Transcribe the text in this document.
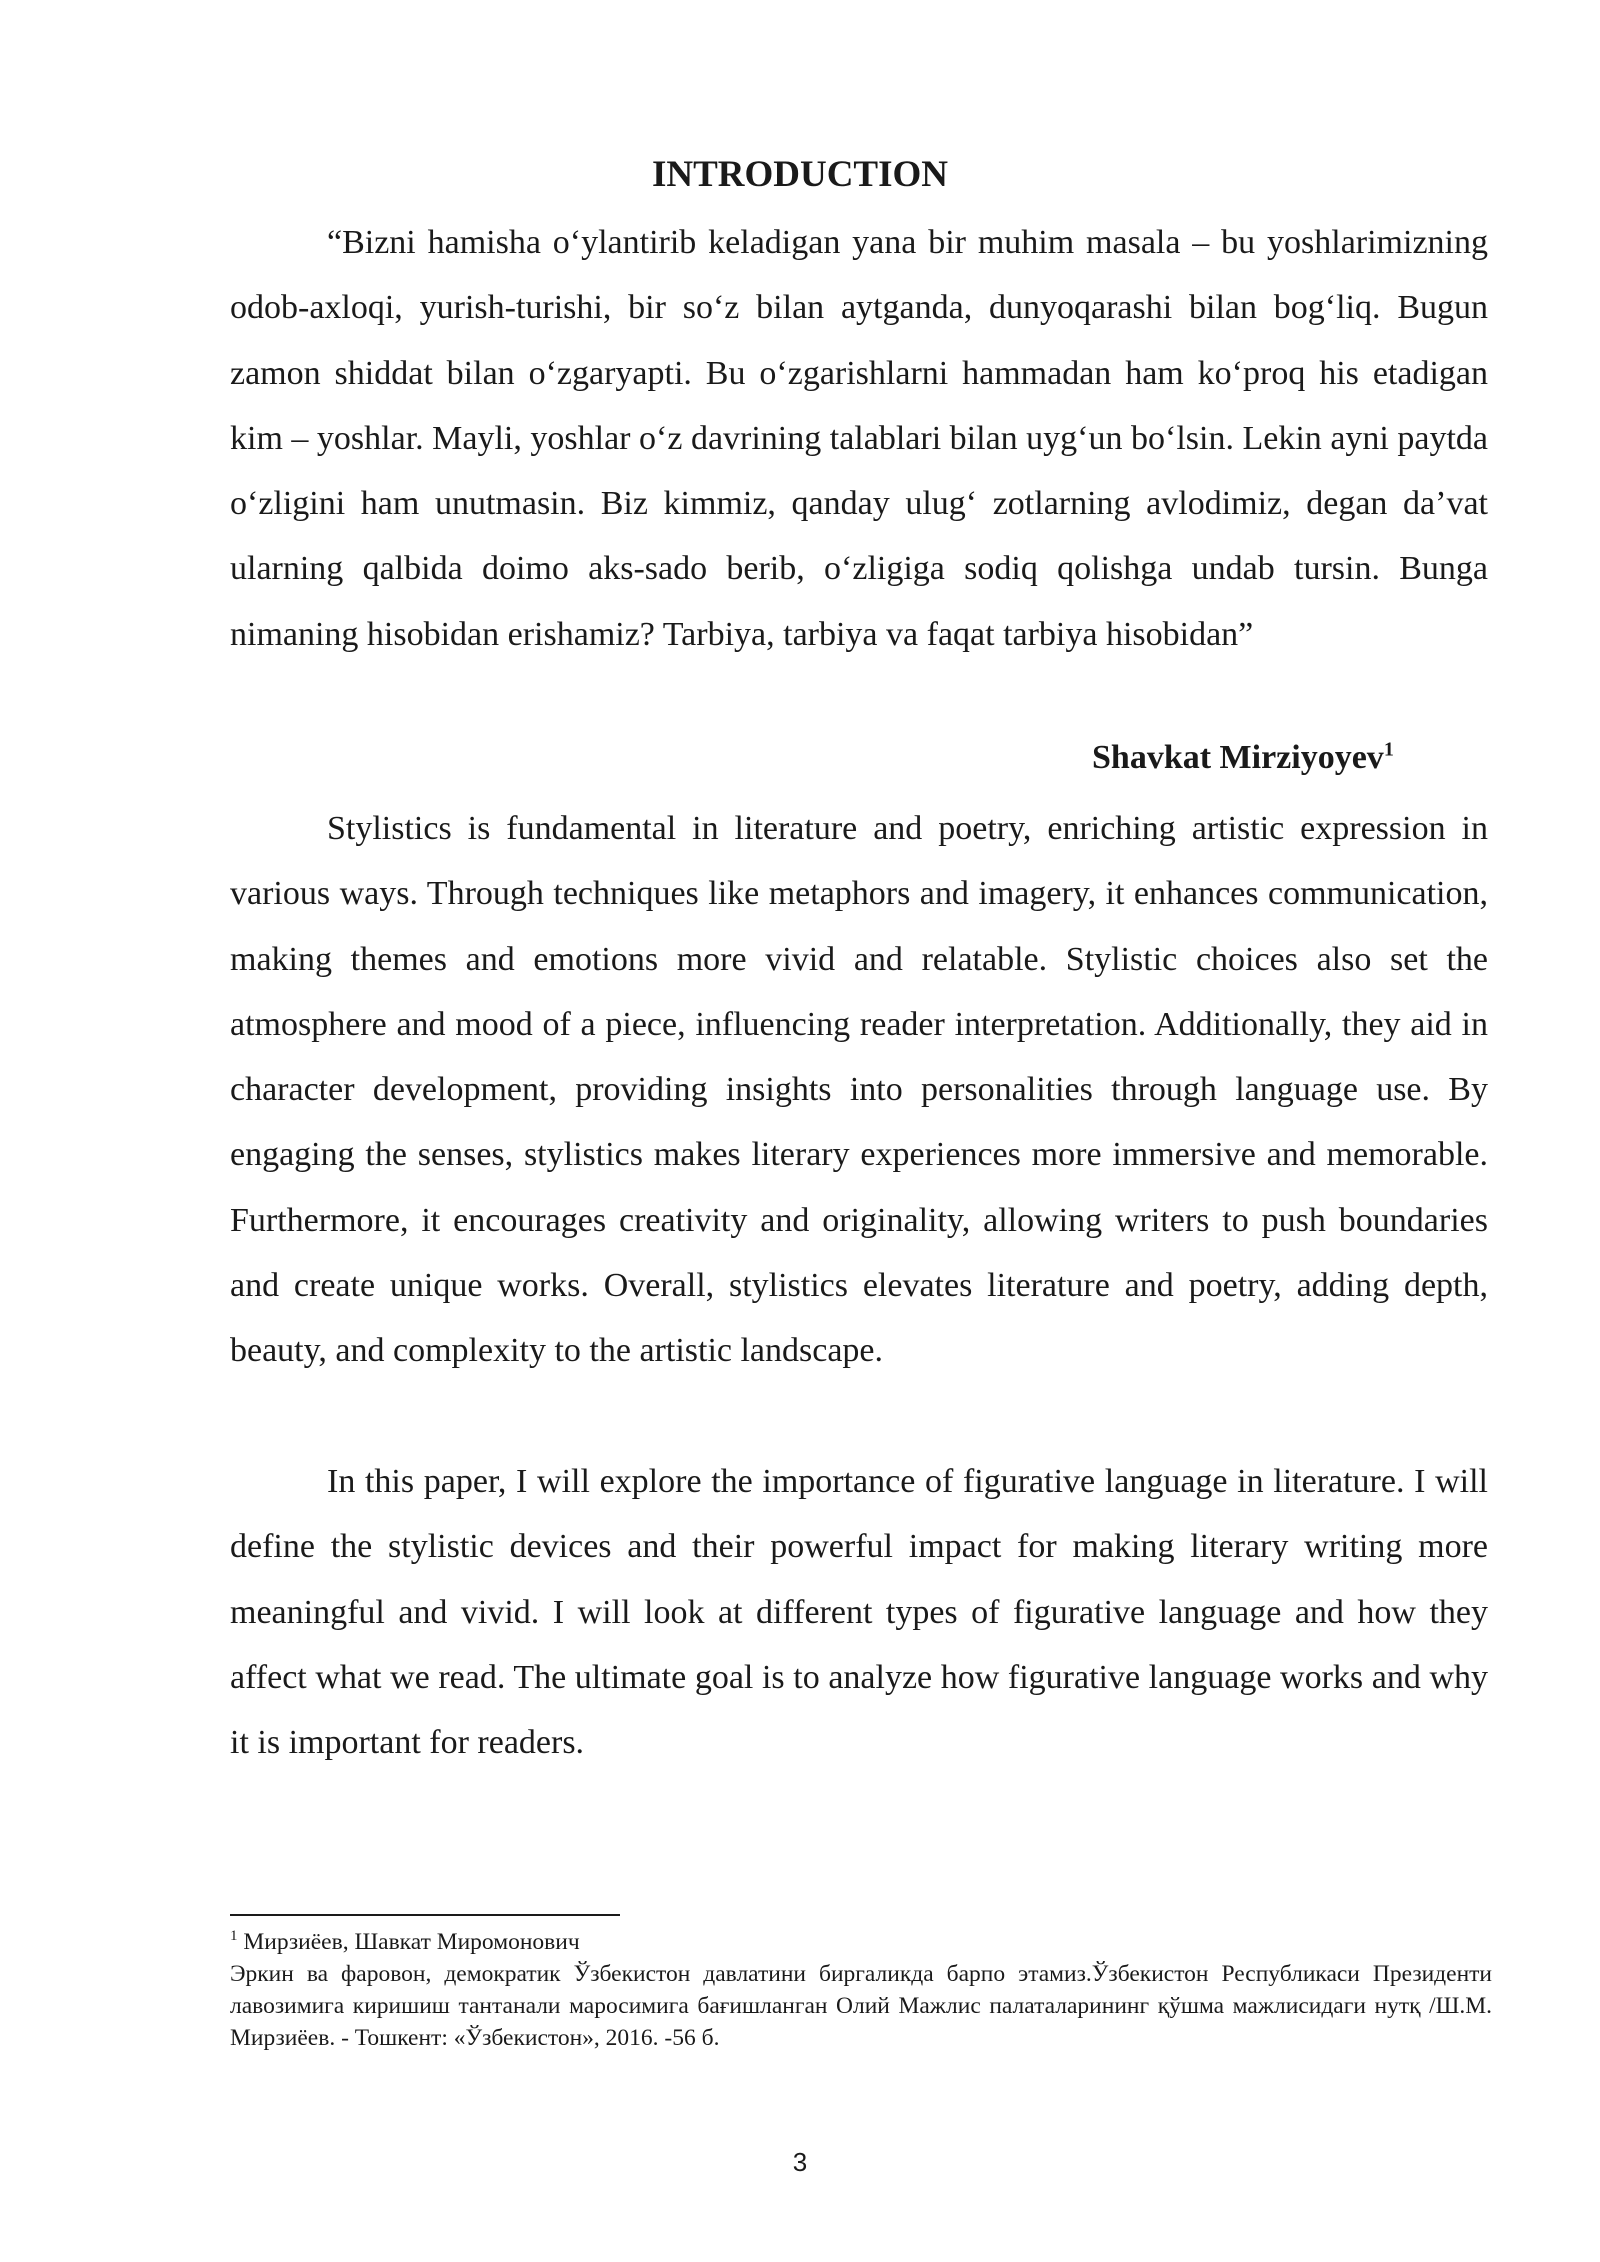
INTRODUCTION

“Bizni hamisha o‘ylantirib keladigan yana bir muhim masala – bu yoshlarimizning odob-axloqi, yurish-turishi, bir so‘z bilan aytganda, dunyoqarashi bilan bog‘liq. Bugun zamon shiddat bilan o‘zgaryapti. Bu o‘zgarishlarni hammadan ham ko‘proq his etadigan kim – yoshlar. Mayli, yoshlar o‘z davrining talablari bilan uyg‘un bo‘lsin. Lekin ayni paytda o‘zligini ham unutmasin. Biz kimmiz, qanday ulug‘ zotlarning avlodimiz, degan da’vat ularning qalbida doimo aks-sado berib, o‘zligiga sodiq qolishga undab tursin. Bunga nimaning hisobidan erishamiz? Tarbiya, tarbiya va faqat tarbiya hisobidan”

Shavkat Mirziyoyev$^1$

Stylistics is fundamental in literature and poetry, enriching artistic expression in various ways. Through techniques like metaphors and imagery, it enhances communication, making themes and emotions more vivid and relatable. Stylistic choices also set the atmosphere and mood of a piece, influencing reader interpretation. Additionally, they aid in character development, providing insights into personalities through language use. By engaging the senses, stylistics makes literary experiences more immersive and memorable. Furthermore, it encourages creativity and originality, allowing writers to push boundaries and create unique works. Overall, stylistics elevates literature and poetry, adding depth, beauty, and complexity to the artistic landscape.

In this paper, I will explore the importance of figurative language in literature. I will define the stylistic devices and their powerful impact for making literary writing more meaningful and vivid. I will look at different types of figurative language and how they affect what we read. The ultimate goal is to analyze how figurative language works and why it is important for readers.

$^1$ Мирзиёев, Шавкат Миромонович

Эркин ва фаровон, демократик Ўзбекистон давлатини биргаликда барпо этамиз.Ўзбекистон Республикаси Президенти лавозимига киришиш тантанали маросимига бағишланган Олий Мажлис палаталарининг қўшма мажлисидаги нутқ /Ш.М. Мирзиёев. - Тошкент: «Ўзбекистон», 2016. -56 б.

3
